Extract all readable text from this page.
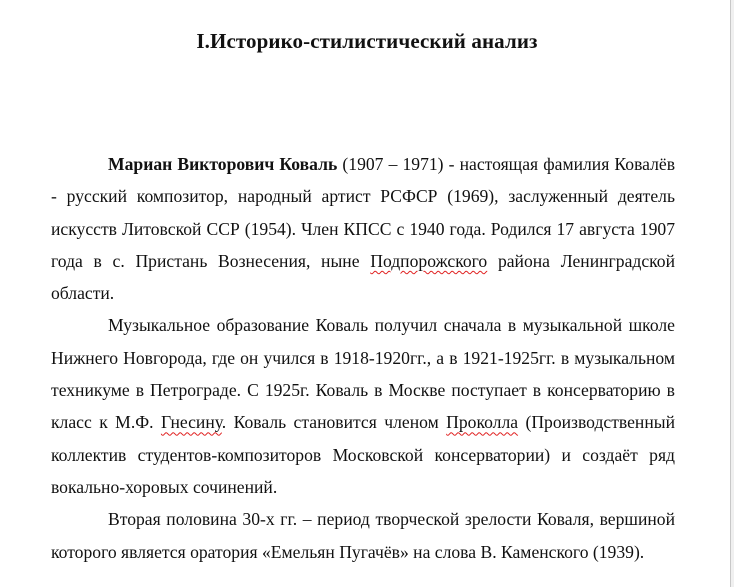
I.Историко-стилистический анализ

Мариан Викторович Коваль (1907 – 1971) - настоящая фамилия Ковалёв - русский композитор, народный артист РСФСР (1969), заслуженный деятель искусств Литовской ССР (1954). Член КПСС с 1940 года. Родился 17 августа 1907 года в с. Пристань Вознесения, ныне Подпорожского района Ленинградской области.

Музыкальное образование Коваль получил сначала в музыкальной школе Нижнего Новгорода, где он учился в 1918-1920гг., а в 1921-1925гг. в музыкальном техникуме в Петрограде. С 1925г. Коваль в Москве поступает в консерваторию в класс к М.Ф. Гнесину. Коваль становится членом Проколла (Производственный коллектив студентов-композиторов Московской консерватории) и создаёт ряд вокально-хоровых сочинений.

Вторая половина 30-х гг. – период творческой зрелости Коваля, вершиной которого является оратория «Емельян Пугачёв» на слова В. Каменского (1939).
